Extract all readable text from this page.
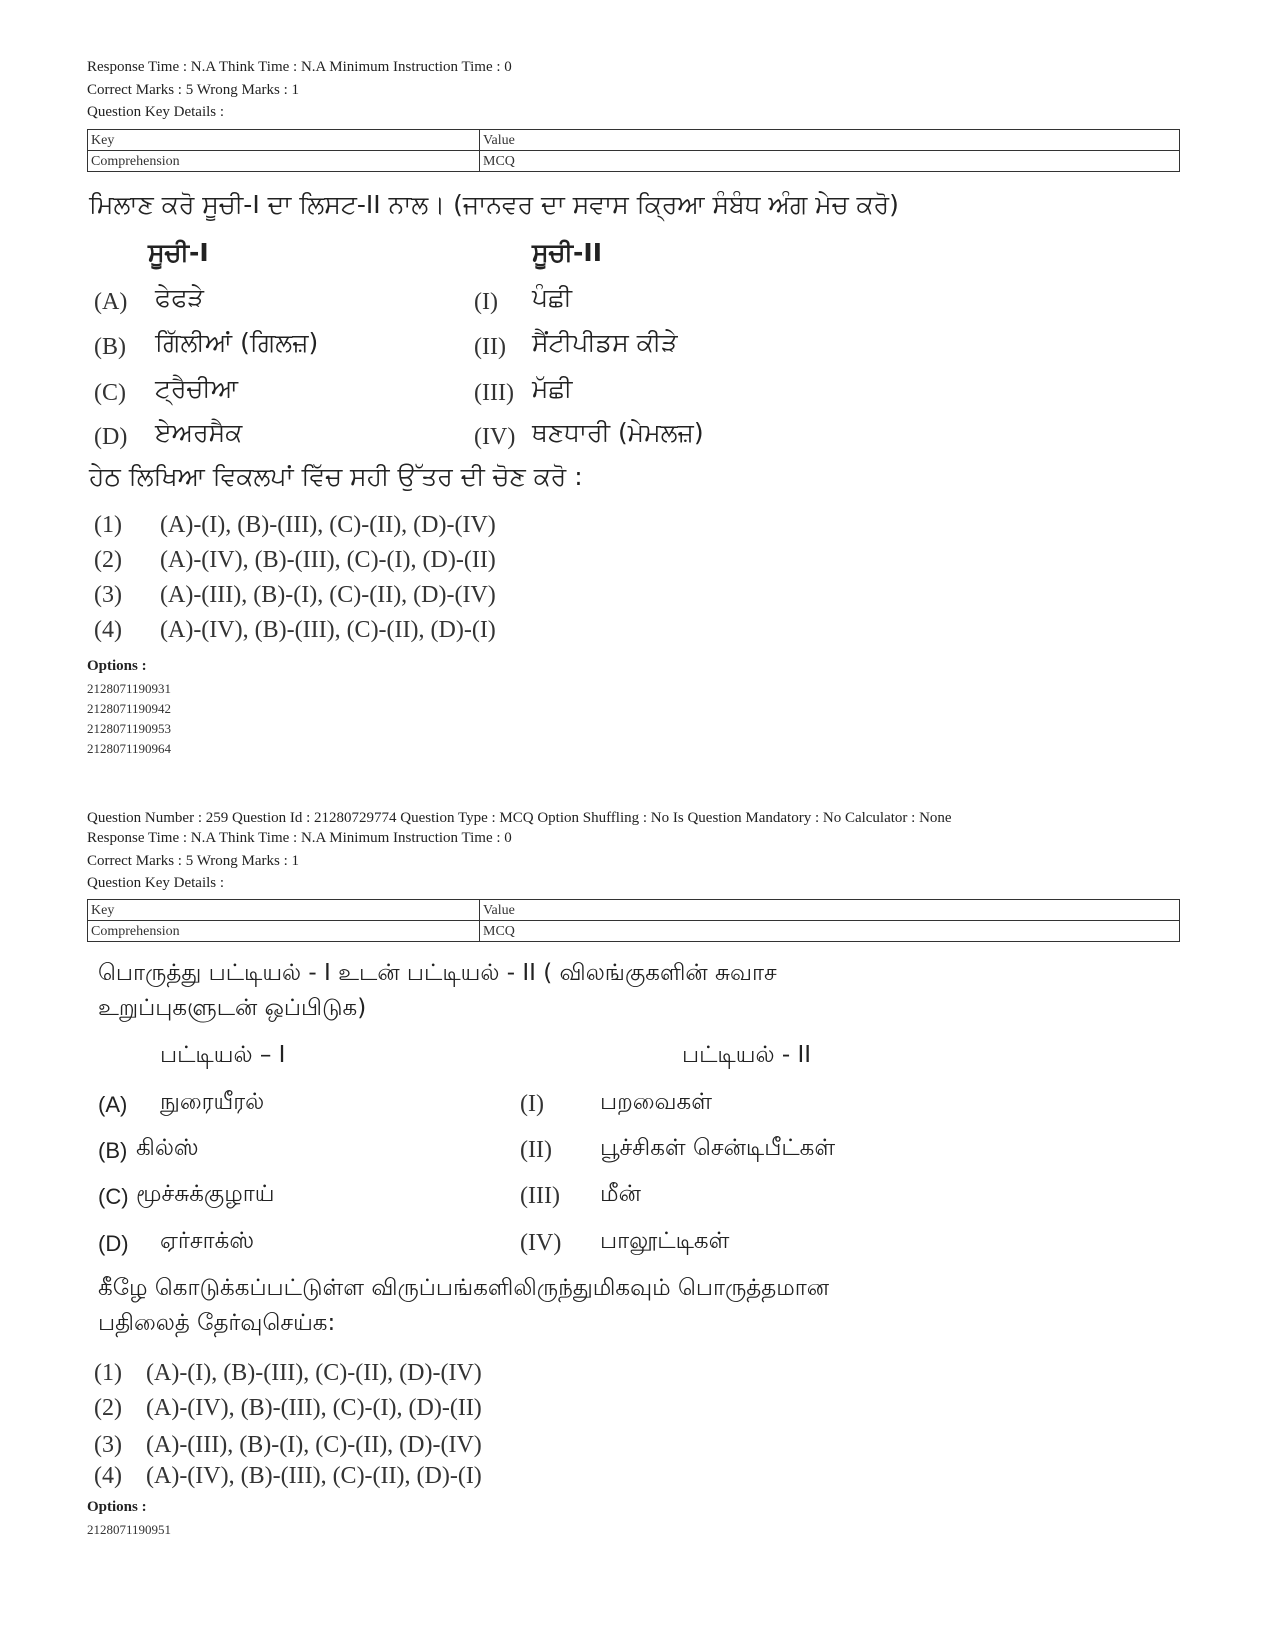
Response Time : N.A Think Time : N.A Minimum Instruction Time : 0
Correct Marks : 5 Wrong Marks : 1
Question Key Details :
Key	Value
Comprehension	MCQ
ਮਿਲਾਣ ਕਰੋ ਸੂਚੀ-I ਦਾ ਲਿਸਟ-II ਨਾਲ। (ਜਾਨਵਰ ਦਾ ਸਵਾਸ ਕ੍ਰਿਆ ਸੰਬੰਧ ਅੰਗ ਮੇਚ ਕਰੋ)
ਸੂਚੀ-I	ਸੂਚੀ-II
(A) ਫੇਫੜੇ	(I) ਪੰਛੀ
(B) ਗਿੱਲੀਆਂ (ਗਿਲਜ਼)	(II) ਸੈਂਟੀਪੀਡਸ ਕੀੜੇ
(C) ਟ੍ਰੈਚੀਆ	(III) ਮੱਛੀ
(D) ਏਅਰਸੈਕ	(IV) ਥਣਧਾਰੀ (ਮੇਮਲਜ਼)
ਹੇਠ ਲਿਖਿਆ ਵਿਕਲਪਾਂ ਵਿੱਚ ਸਹੀ ਉੱਤਰ ਦੀ ਚੋਣ ਕਰੋ :
(1) (A)-(I), (B)-(III), (C)-(II), (D)-(IV)
(2) (A)-(IV), (B)-(III), (C)-(I), (D)-(II)
(3) (A)-(III), (B)-(I), (C)-(II), (D)-(IV)
(4) (A)-(IV), (B)-(III), (C)-(II), (D)-(I)
Options :
2128071190931
2128071190942
2128071190953
2128071190964
Question Number : 259 Question Id : 21280729774 Question Type : MCQ Option Shuffling : No Is Question Mandatory : No Calculator : None
Response Time : N.A Think Time : N.A Minimum Instruction Time : 0
Correct Marks : 5 Wrong Marks : 1
Question Key Details :
Key	Value
Comprehension	MCQ
பொருத்து பட்டியல் - I உடன் பட்டியல் - II ( விலங்குகளின் சுவாச
உறுப்புகளுடன் ஒப்பிடுக)
பட்டியல் – I	பட்டியல் - II
(A) நுரையீரல்	(I) பறவைகள்
(B) கில்ஸ்	(II) பூச்சிகள் சென்டிபீட்கள்
(C) மூச்சுக்குழாய்	(III) மீன்
(D) ஏர்சாக்ஸ்	(IV) பாலூட்டிகள்
கீழே கொடுக்கப்பட்டுள்ள விருப்பங்களிலிருந்துமிகவும் பொருத்தமான
பதிலைத் தேர்வுசெய்க:
(1) (A)-(I), (B)-(III), (C)-(II), (D)-(IV)
(2) (A)-(IV), (B)-(III), (C)-(I), (D)-(II)
(3) (A)-(III), (B)-(I), (C)-(II), (D)-(IV)
(4) (A)-(IV), (B)-(III), (C)-(II), (D)-(I)
Options :
2128071190951
